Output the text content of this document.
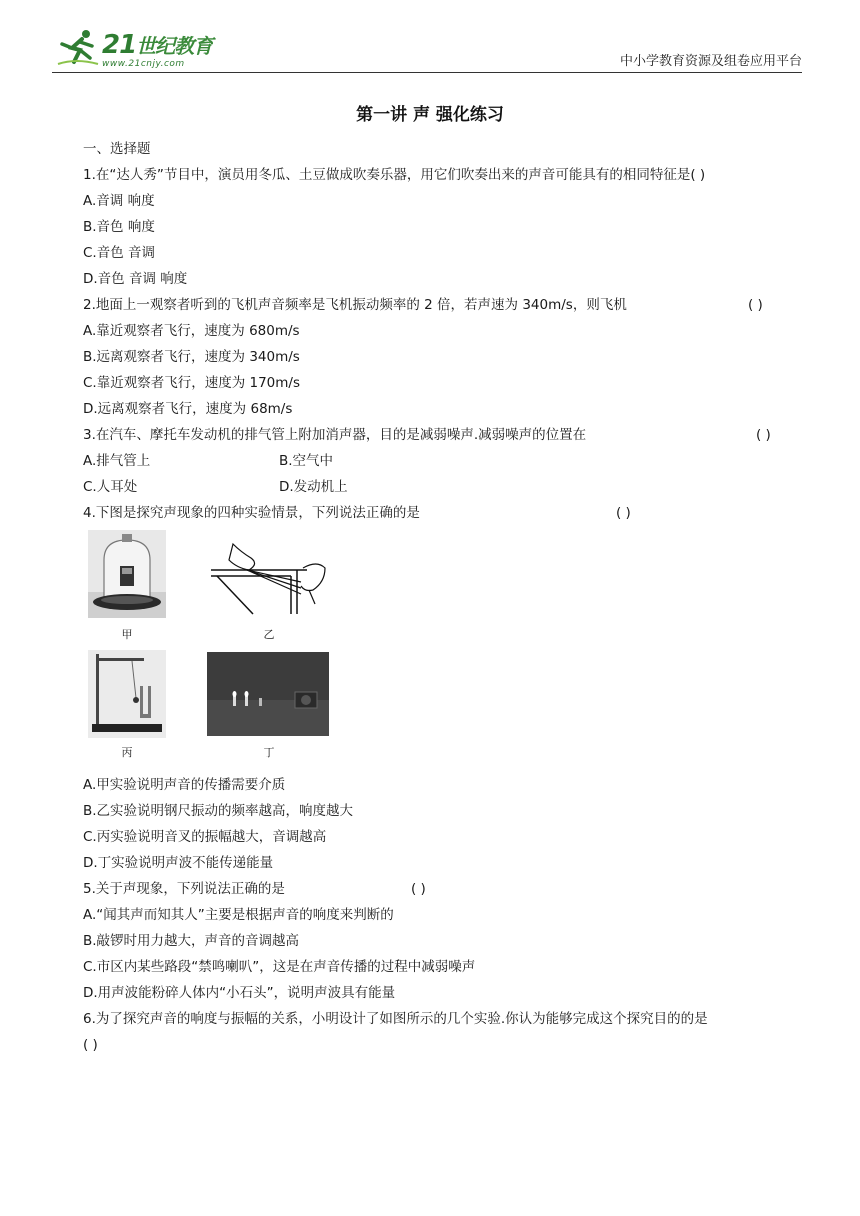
21世纪教育
www.21cnjy.com	中小学教育资源及组卷应用平台
第一讲 声 强化练习
一、选择题
1.在“达人秀”节目中，演员用冬瓜、土豆做成吹奏乐器，用它们吹奏出来的声音可能具有的相同特征是( )
A.音调 响度
B.音色 响度
C.音色 音调
D.音色 音调 响度
2.地面上一观察者听到的飞机声音频率是飞机振动频率的 2 倍，若声速为 340m/s，则飞机	( )
A.靠近观察者飞行，速度为 680m/s
B.远离观察者飞行，速度为 340m/s
C.靠近观察者飞行，速度为 170m/s
D.远离观察者飞行，速度为 68m/s
3.在汽车、摩托车发动机的排气管上附加消声器，目的是减弱噪声.减弱噪声的位置在	( )
A.排气管上	B.空气中
C.人耳处	D.发动机上
4.下图是探究声现象的四种实验情景，下列说法正确的是	( )
甲	乙
丙	丁
A.甲实验说明声音的传播需要介质
B.乙实验说明钢尺振动的频率越高，响度越大
C.丙实验说明音叉的振幅越大，音调越高
D.丁实验说明声波不能传递能量
5.关于声现象，下列说法正确的是	( )
A.“闻其声而知其人”主要是根据声音的响度来判断的
B.敲锣时用力越大，声音的音调越高
C.市区内某些路段“禁鸣喇叭”，这是在声音传播的过程中减弱噪声
D.用声波能粉碎人体内“小石头”，说明声波具有能量
6.为了探究声音的响度与振幅的关系，小明设计了如图所示的几个实验.你认为能够完成这个探究目的的是
( )
